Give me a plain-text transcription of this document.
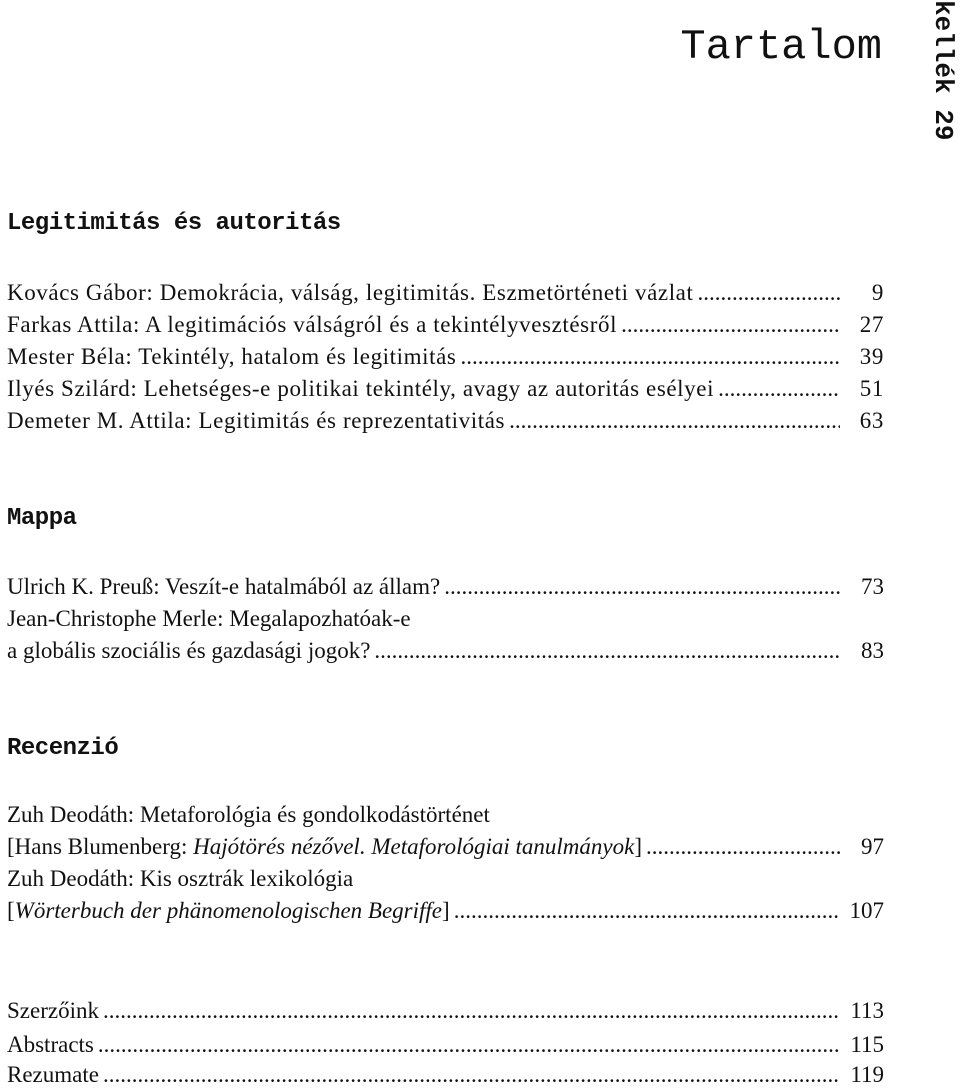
Tartalom kellék 29
Legitimitás és autoritás
Kovács Gábor: Demokrácia, válság, legitimitás. Eszmetörténeti vázlat .....	9
Farkas Attila: A legitimációs válságról és a tekintélyvesztésről .....	27
Mester Béla: Tekintély, hatalom és legitimitás .....	39
Ilyés Szilárd: Lehetséges-e politikai tekintély, avagy az autoritás esélyei .....	51
Demeter M. Attila: Legitimitás és reprezentativitás .....	63
Mappa
Ulrich K. Preuß: Veszít-e hatalmából az állam? .....	73
Jean-Christophe Merle: Megalapozhatóak-e
a globális szociális és gazdasági jogok? .....	83
Recenzió
Zuh Deodáth: Metaforológia és gondolkodástörténet
[Hans Blumenberg: Hajótörés nézővel. Metaforológiai tanulmányok] .....	97
Zuh Deodáth: Kis osztrák lexikológia
[Wörterbuch der phänomenologischen Begriffe] .....	107
Szerzőink .....	113
Abstracts .....	115
Rezumate .....	119
